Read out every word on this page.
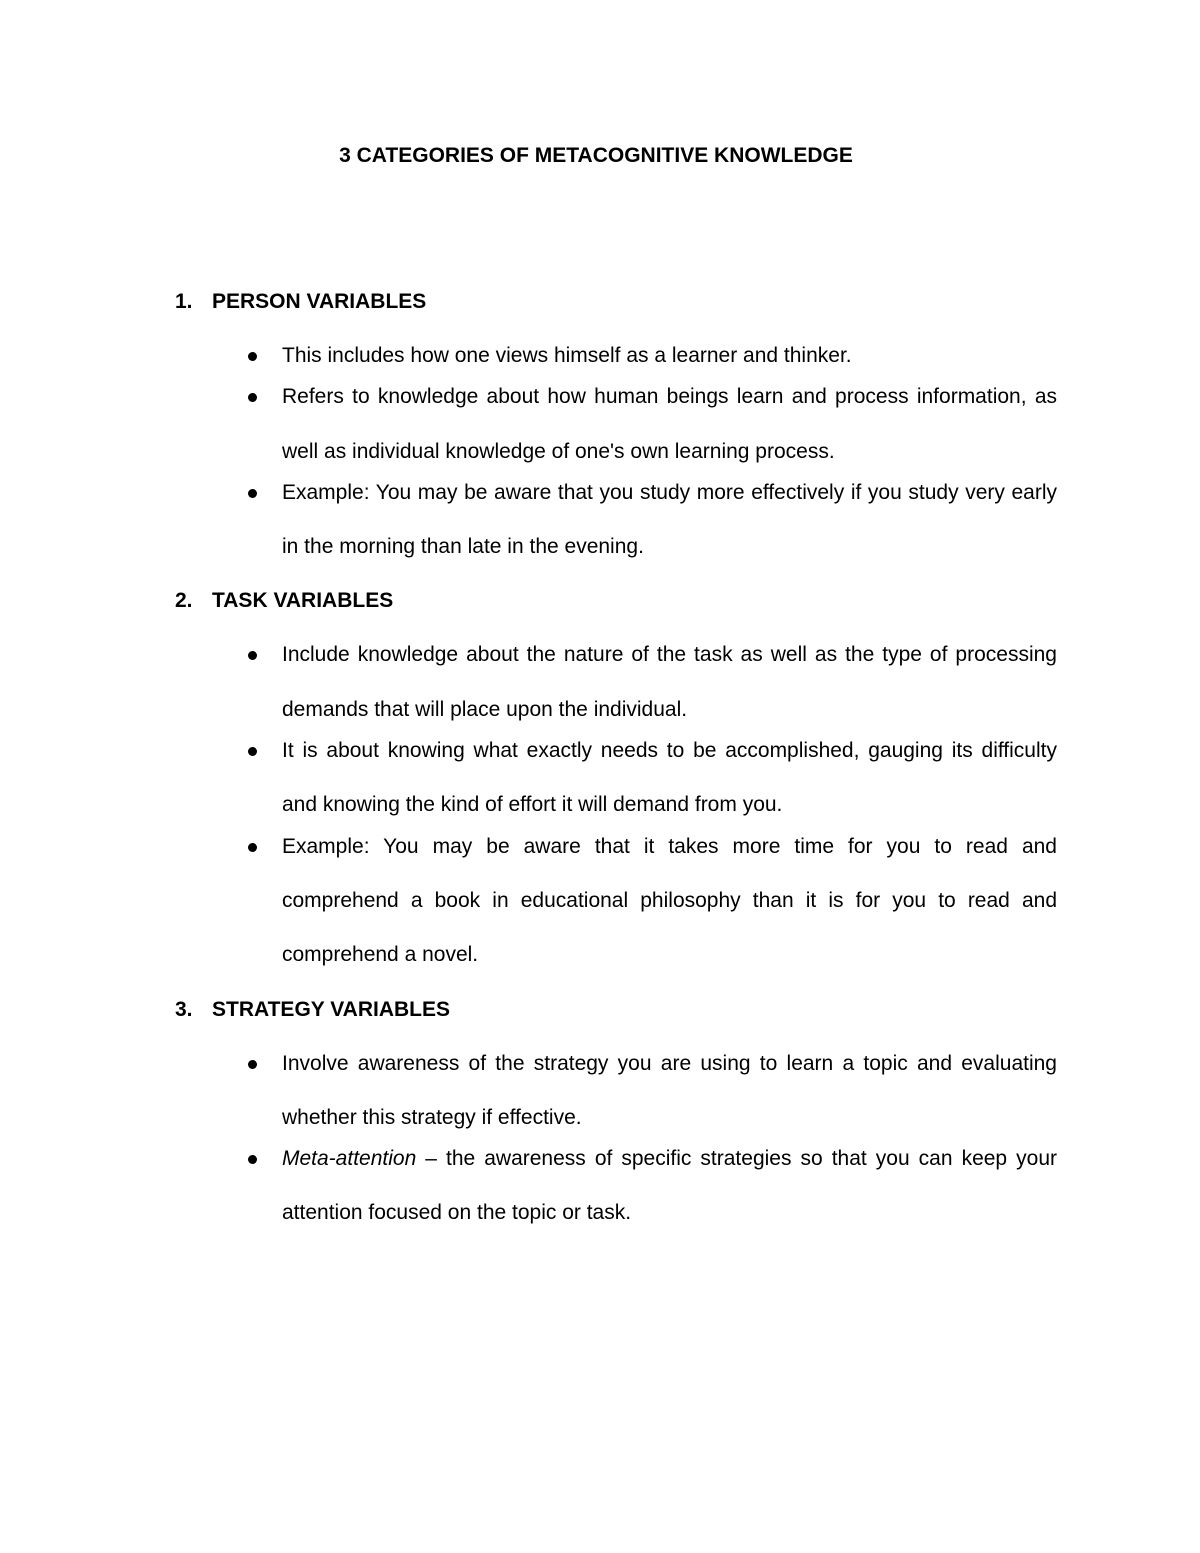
3 CATEGORIES OF METACOGNITIVE KNOWLEDGE
1. PERSON VARIABLES
This includes how one views himself as a learner and thinker.
Refers to knowledge about how human beings learn and process information, as well as individual knowledge of one's own learning process.
Example: You may be aware that you study more effectively if you study very early in the morning than late in the evening.
2. TASK VARIABLES
Include knowledge about the nature of the task as well as the type of processing demands that will place upon the individual.
It is about knowing what exactly needs to be accomplished, gauging its difficulty and knowing the kind of effort it will demand from you.
Example: You may be aware that it takes more time for you to read and comprehend a book in educational philosophy than it is for you to read and comprehend a novel.
3. STRATEGY VARIABLES
Involve awareness of the strategy you are using to learn a topic and evaluating whether this strategy if effective.
Meta-attention – the awareness of specific strategies so that you can keep your attention focused on the topic or task.
